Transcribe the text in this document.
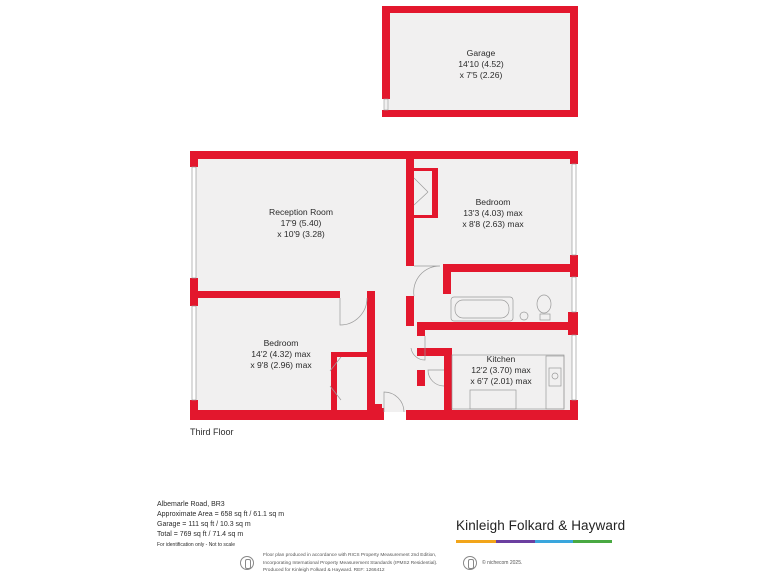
Garage
14'10 (4.52)
x 7'5 (2.26)
Bedroom
13'3 (4.03) max
x 8'8 (2.63) max
Reception Room
17'9 (5.40)
x 10'9 (3.28)
Bedroom
14'2 (4.32) max
x 9'8 (2.96) max
Kitchen
12'2 (3.70) max
x 6'7 (2.01) max
Third Floor
Albemarle Road, BR3
Approximate Area = 658 sq ft / 61.1 sq m
Garage = 111 sq ft / 10.3 sq m
Total = 769 sq ft / 71.4 sq m
For identification only - Not to scale
Kinleigh Folkard & Hayward
Floor plan produced in accordance with RICS Property Measurement 2nd Edition,
Incorporating International Property Measurement Standards (IPMS2 Residential).
Produced for Kinleigh Folkard & Hayward. REF: 1266412
© nichecom 2025.
